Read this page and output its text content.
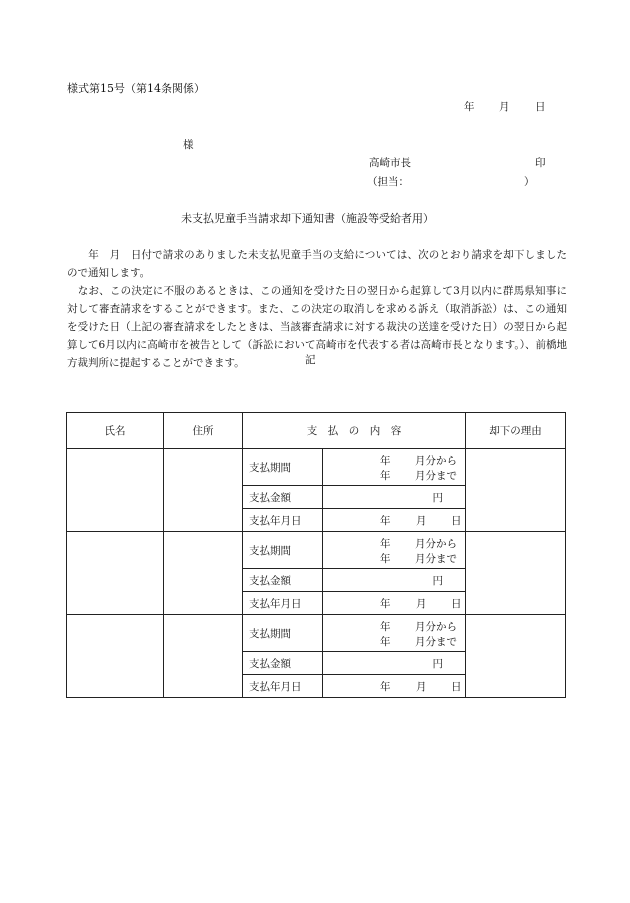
様式第15号（第14条関係）
年 月 日
様
高崎市長	印
（担当：	）
未支払児童手当請求却下通知書（施設等受給者用）

　　年　月　日付で請求のありました未支払児童手当の支給については、次のとおり請求を却下しましたので通知します。

　なお、この決定に不服のあるときは、この通知を受けた日の翌日から起算して3月以内に群馬県知事に対して審査請求をすることができます。また、この決定の取消しを求める訴え（取消訴訟）は、この通知を受けた日（上記の審査請求をしたときは、当該審査請求に対する裁決の送達を受けた日）の翌日から起算して6月以内に高崎市を被告として（訴訟において高崎市を代表する者は高崎市長となります。）、前橋地方裁判所に提起することができます。	記
氏名	住所	支　払　の　内　容		却下の理由
		支払期間	年 月分から
年 月分まで	

		支払金額	円	
		支払年月日	年 月 日	

		支払期間	年 月分から
年 月分まで	

		支払金額	円	
		支払年月日	年 月 日	

		支払期間	年 月分から
年 月分まで	

		支払金額	円	
		支払年月日	年 月 日	
